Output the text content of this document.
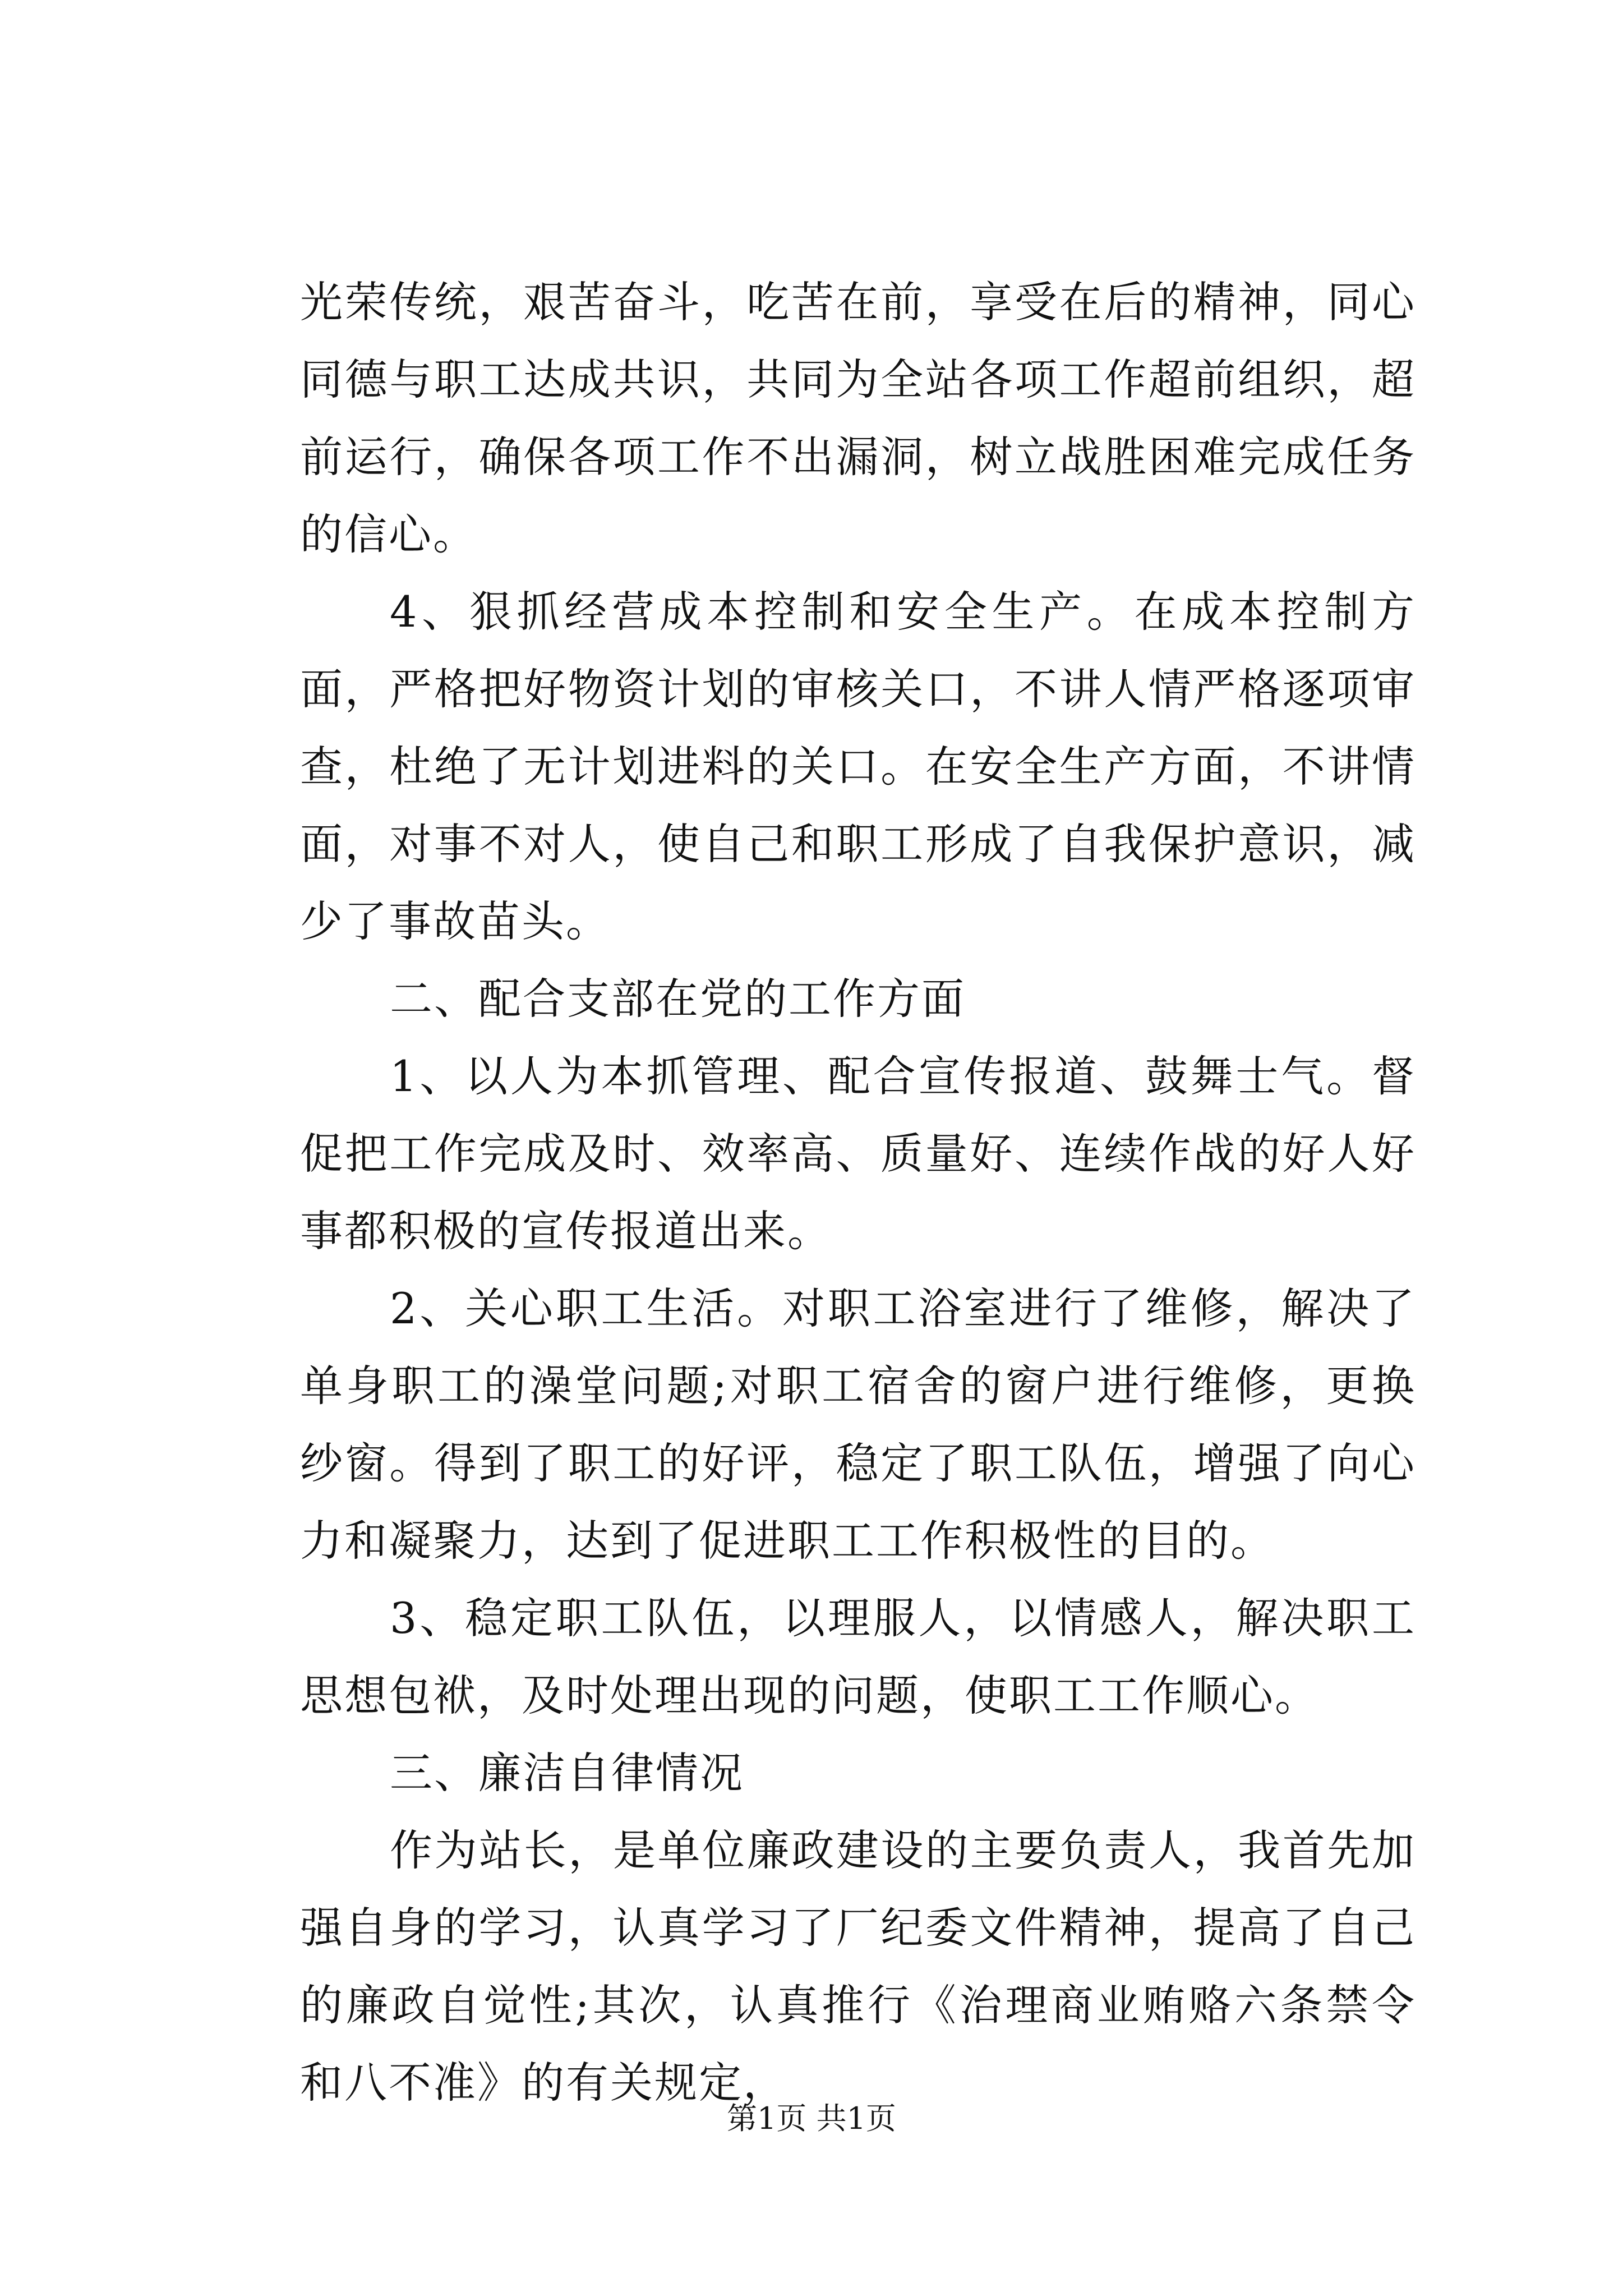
光荣传统，艰苦奋斗，吃苦在前，享受在后的精神，同心同德与职工达成共识，共同为全站各项工作超前组织，超前运行，确保各项工作不出漏洞，树立战胜困难完成任务的信心。

4、狠抓经营成本控制和安全生产。在成本控制方面，严格把好物资计划的审核关口，不讲人情严格逐项审查，杜绝了无计划进料的关口。在安全生产方面，不讲情面，对事不对人，使自己和职工形成了自我保护意识，减少了事故苗头。

二、配合支部在党的工作方面

1、以人为本抓管理、配合宣传报道、鼓舞士气。督促把工作完成及时、效率高、质量好、连续作战的好人好事都积极的宣传报道出来。

2、关心职工生活。对职工浴室进行了维修，解决了单身职工的澡堂问题;对职工宿舍的窗户进行维修，更换纱窗。得到了职工的好评，稳定了职工队伍，增强了向心力和凝聚力，达到了促进职工工作积极性的目的。

3、稳定职工队伍，以理服人，以情感人，解决职工思想包袱，及时处理出现的问题，使职工工作顺心。

三、廉洁自律情况

作为站长，是单位廉政建设的主要负责人，我首先加强自身的学习，认真学习了厂纪委文件精神，提高了自己的廉政自觉性;其次，认真推行《治理商业贿赂六条禁令和八不准》的有关规定，

第1页 共1页
